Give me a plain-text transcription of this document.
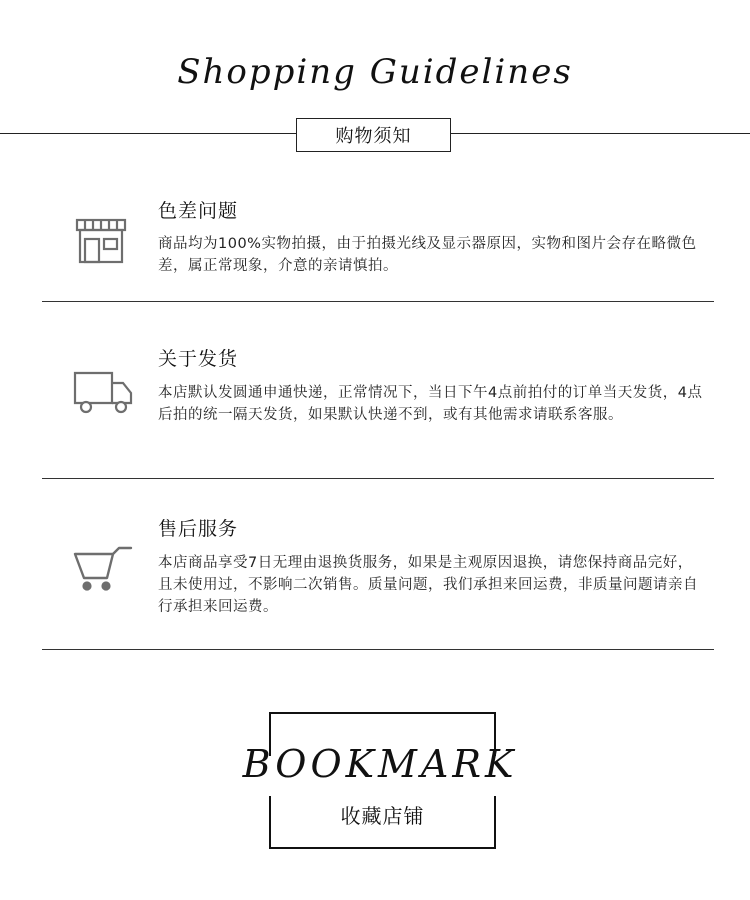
Shopping Guidelines
购物须知
色差问题
商品均为100%实物拍摄，由于拍摄光线及显示器原因，实物和图片会存在略微色差，属正常现象，介意的亲请慎拍。
关于发货
本店默认发圆通申通快递，正常情况下，当日下午4点前拍付的订单当天发货，4点后拍的统一隔天发货，如果默认快递不到，或有其他需求请联系客服。
售后服务
本店商品享受7日无理由退换货服务，如果是主观原因退换，请您保持商品完好，且未使用过，不影响二次销售。质量问题，我们承担来回运费，非质量问题请亲自行承担来回运费。
BOOKMARK
收藏店铺
